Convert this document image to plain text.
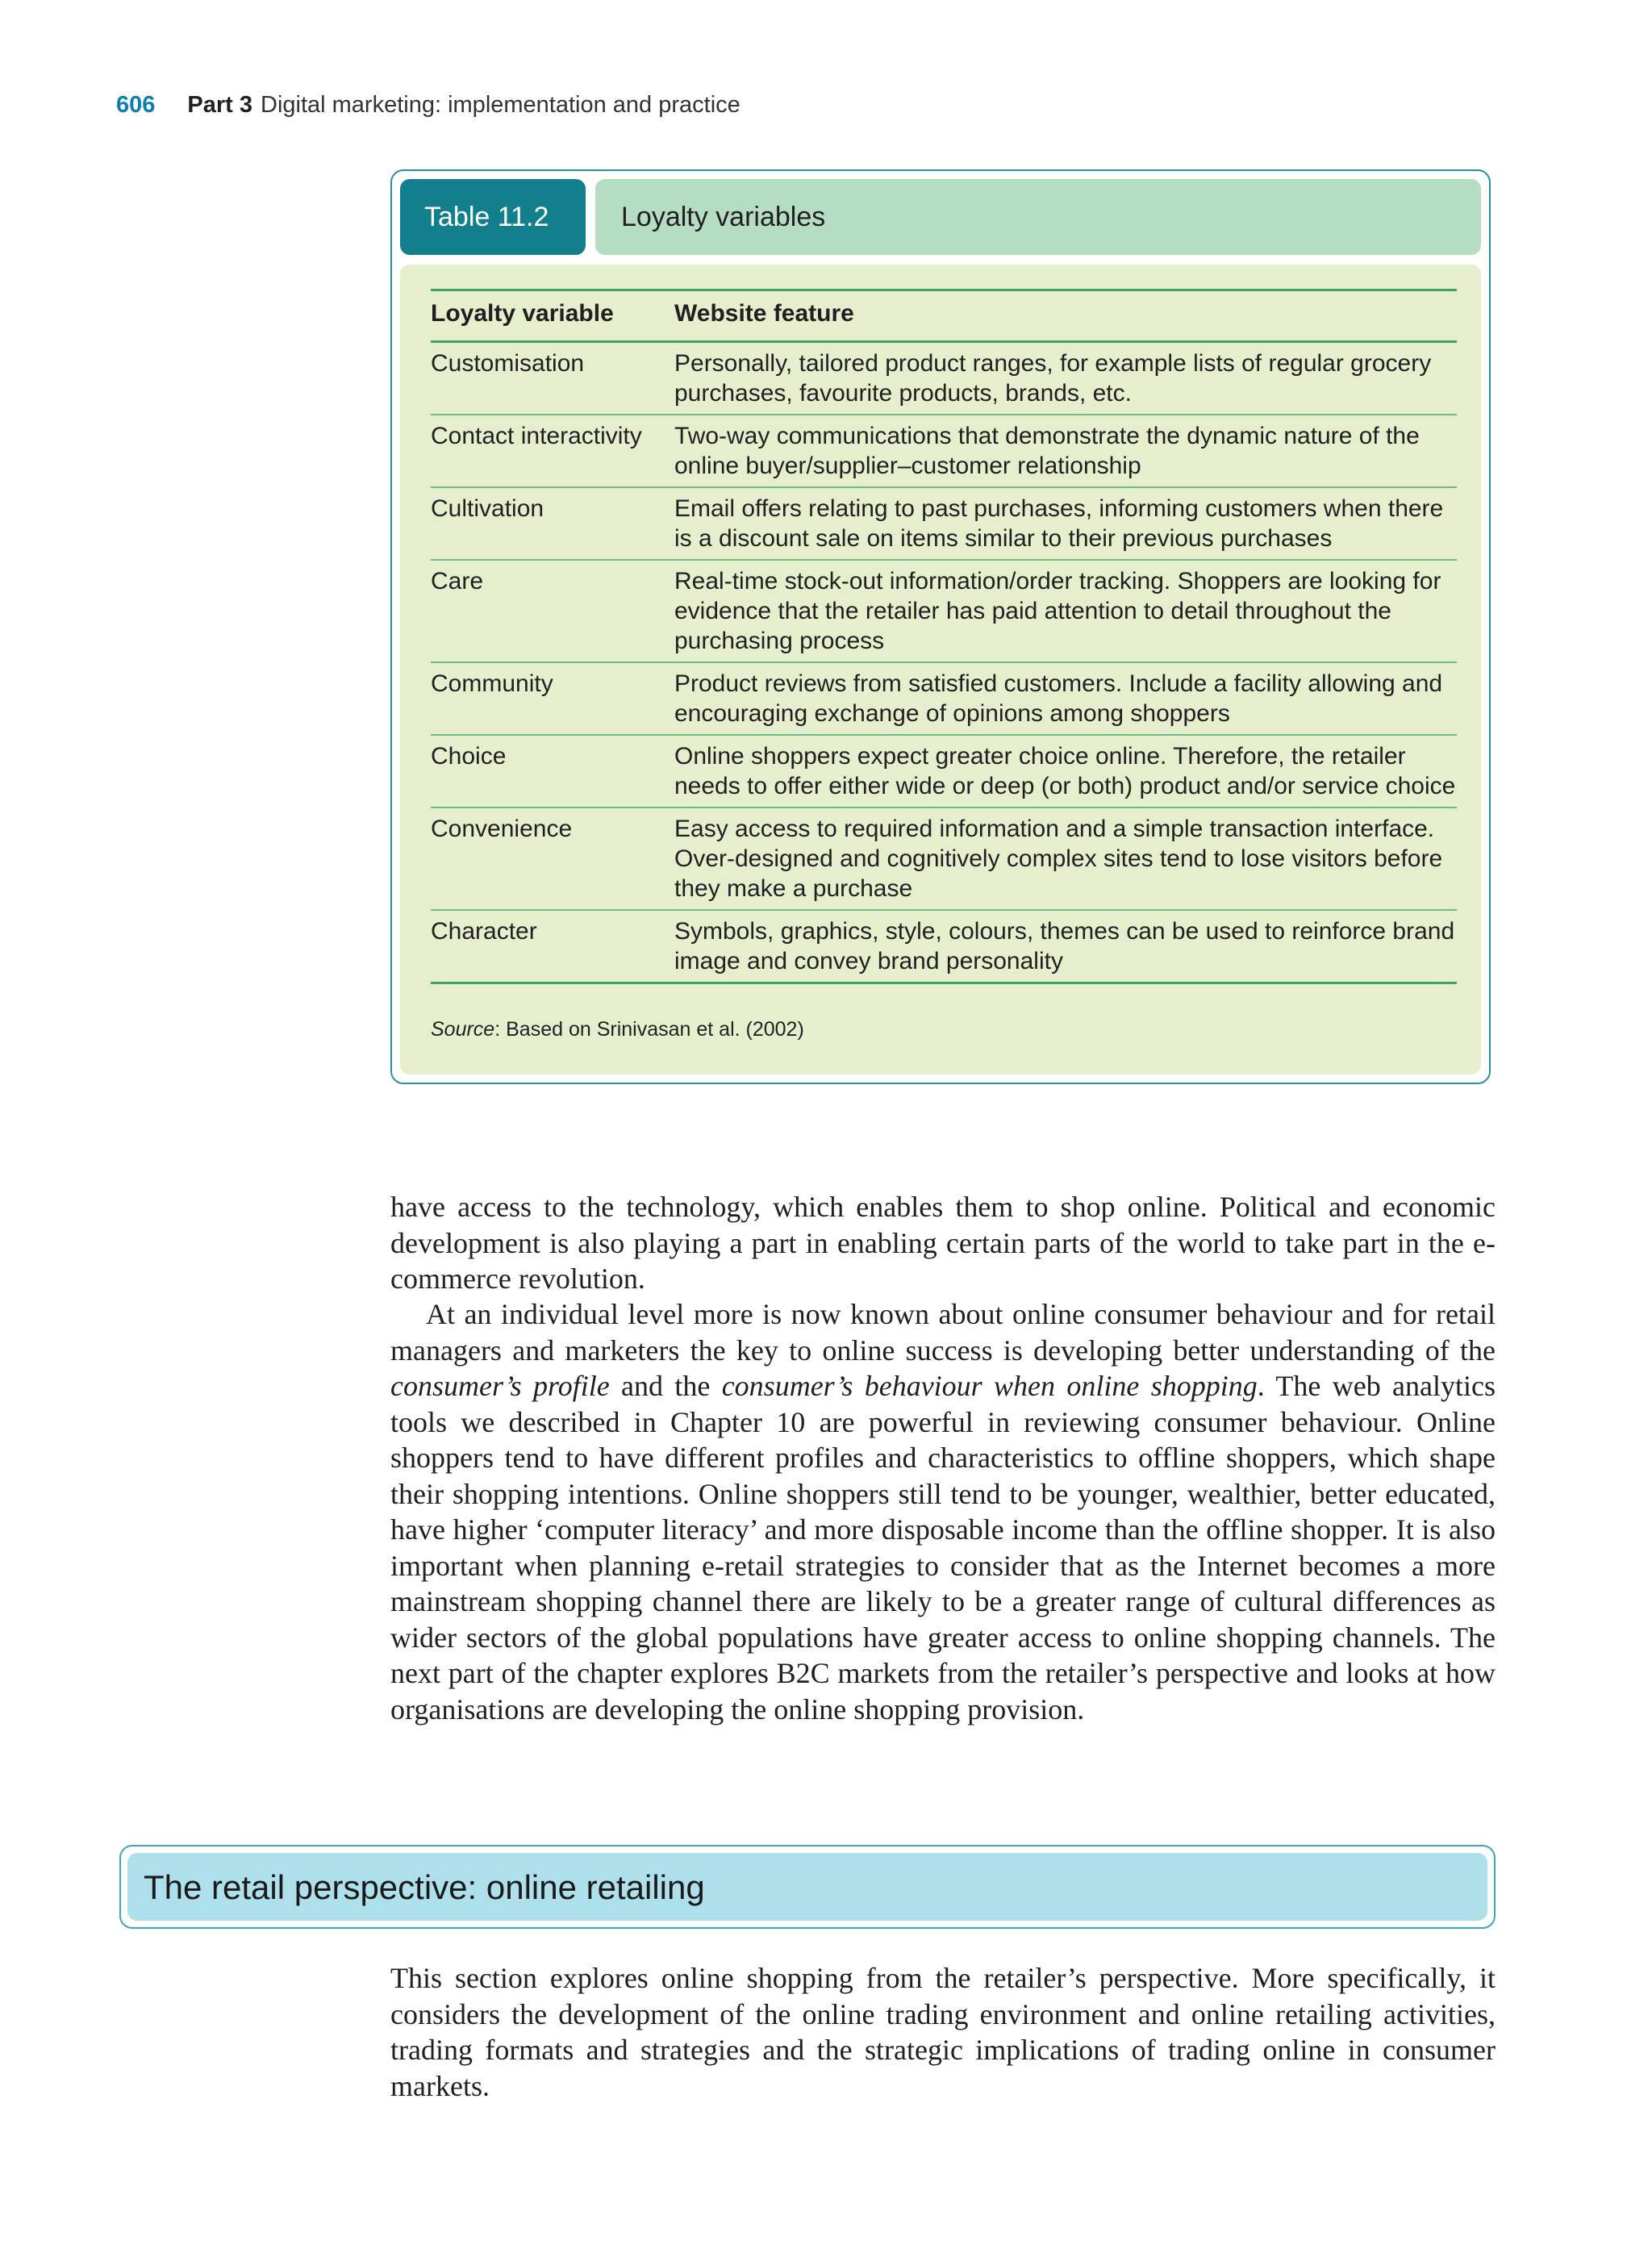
606 Part 3 Digital marketing: implementation and practice
Table 11.2	Loyalty variables
Loyalty variable	Website feature
Customisation	Personally, tailored product ranges, for example lists of regular grocery purchases, favourite products, brands, etc.
Contact interactivity	Two-way communications that demonstrate the dynamic nature of the online buyer/supplier–customer relationship
Cultivation	Email offers relating to past purchases, informing customers when there is a discount sale on items similar to their previous purchases
Care	Real-time stock-out information/order tracking. Shoppers are looking for evidence that the retailer has paid attention to detail throughout the purchasing process
Community	Product reviews from satisfied customers. Include a facility allowing and encouraging exchange of opinions among shoppers
Choice	Online shoppers expect greater choice online. Therefore, the retailer needs to offer either wide or deep (or both) product and/or service choice
Convenience	Easy access to required information and a simple transaction interface. Over-designed and cognitively complex sites tend to lose visitors before they make a purchase
Character	Symbols, graphics, style, colours, themes can be used to reinforce brand image and convey brand personality
Source: Based on Srinivasan et al. (2002)

have access to the technology, which enables them to shop online. Political and economic development is also playing a part in enabling certain parts of the world to take part in the e-commerce revolution.

At an individual level more is now known about online consumer behaviour and for retail managers and marketers the key to online success is developing better understanding of the consumer’s profile and the consumer’s behaviour when online shopping. The web analytics tools we described in Chapter 10 are powerful in reviewing consumer behaviour. Online shoppers tend to have different profiles and characteristics to offline shoppers, which shape their shopping intentions. Online shoppers still tend to be younger, wealthier, better educated, have higher ‘computer literacy’ and more disposable income than the offline shopper. It is also important when planning e-retail strategies to consider that as the Internet becomes a more mainstream shopping channel there are likely to be a greater range of cultural differences as wider sectors of the global populations have greater access to online shopping channels. The next part of the chapter explores B2C markets from the retailer’s perspective and looks at how organisations are developing the online shopping provision.

The retail perspective: online retailing

This section explores online shopping from the retailer’s perspective. More specifically, it considers the development of the online trading environment and online retailing activities, trading formats and strategies and the strategic implications of trading online in consumer markets.
